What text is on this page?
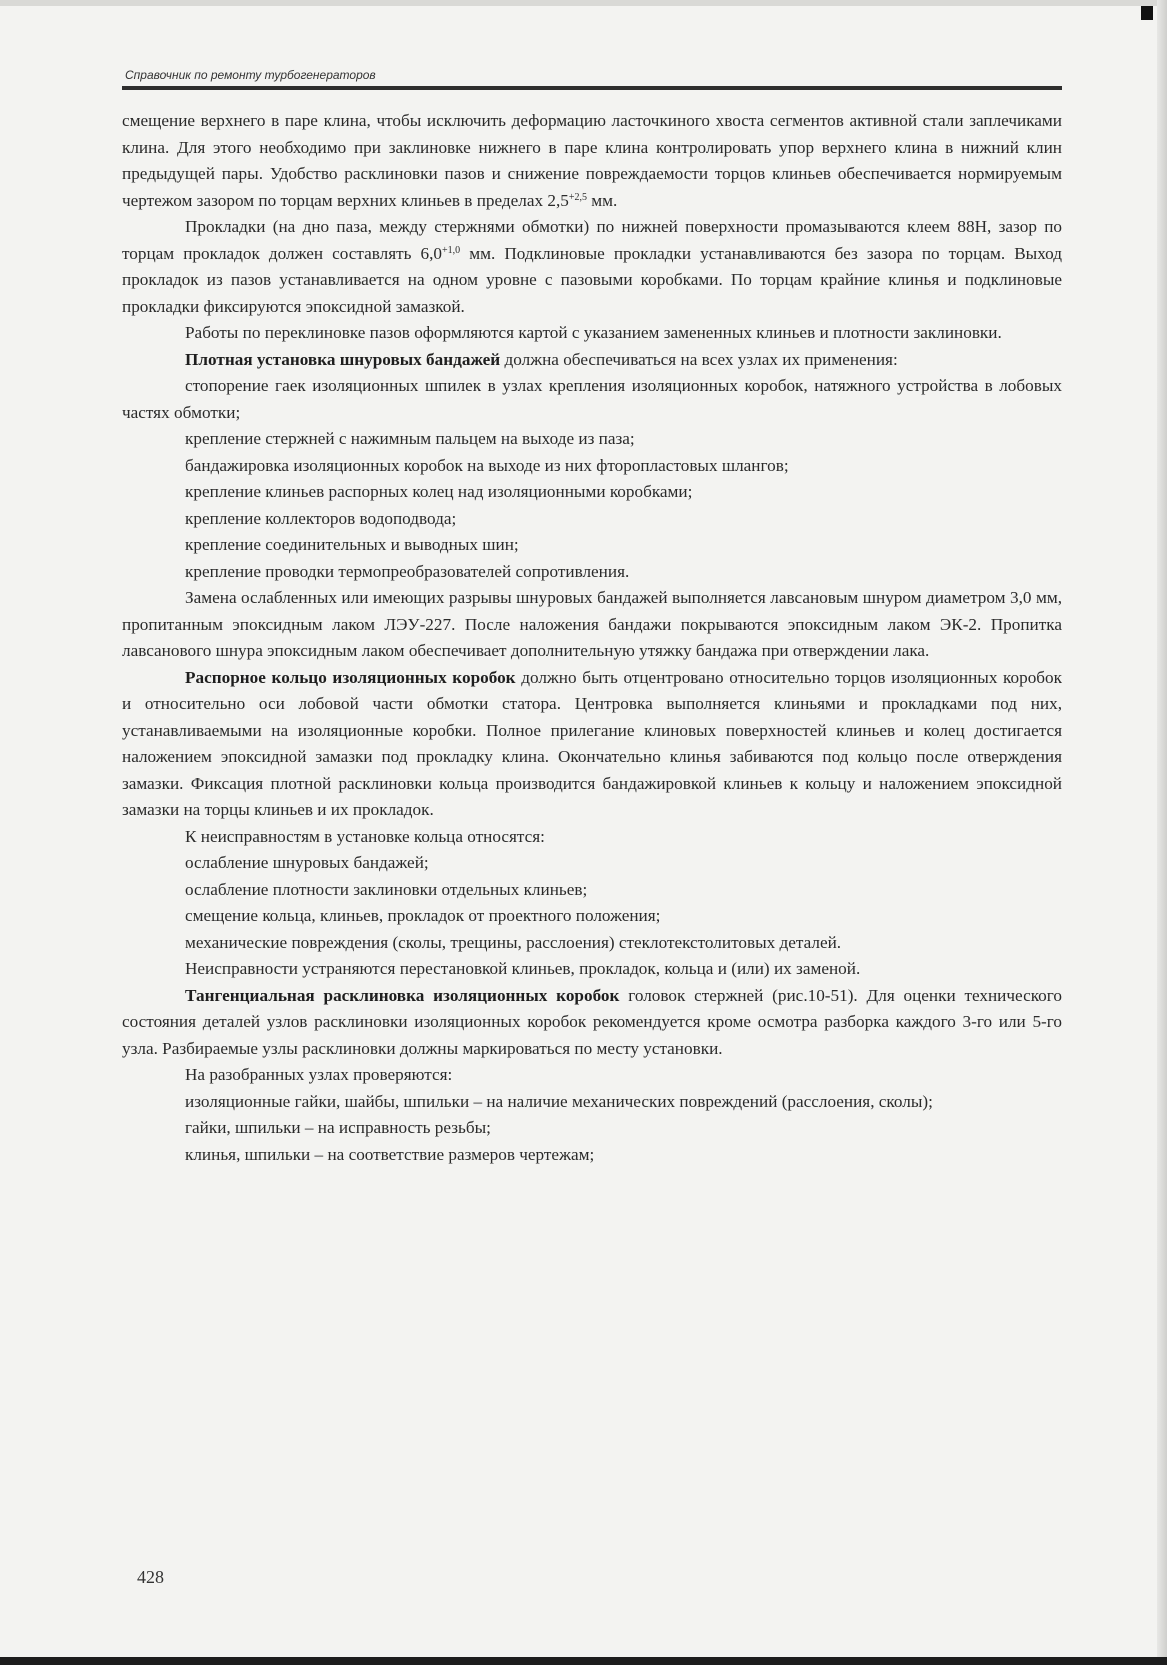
Справочник по ремонту турбогенераторов

смещение верхнего в паре клина, чтобы исключить деформацию ласточкиного хвоста сегментов активной стали заплечиками клина. Для этого необходимо при заклиновке нижнего в паре клина контролировать упор верхнего клина в нижний клин предыдущей пары. Удобство расклиновки пазов и снижение повреждаемости торцов клиньев обеспечивается нормируемым чертежом зазором по торцам верхних клиньев в пределах $2,5^{+2,5}$ мм.

Прокладки (на дно паза, между стержнями обмотки) по нижней поверхности промазываются клеем 88Н, зазор по торцам прокладок должен составлять $6,0^{+1,0}$ мм. Подклиновые прокладки устанавливаются без зазора по торцам. Выход прокладок из пазов устанавливается на одном уровне с пазовыми коробками. По торцам крайние клинья и подклиновые прокладки фиксируются эпоксидной замазкой.

Работы по переклиновке пазов оформляются картой с указанием замененных клиньев и плотности заклиновки.

Плотная установка шнуровых бандажей должна обеспечиваться на всех узлах их применения:

стопорение гаек изоляционных шпилек в узлах крепления изоляционных коробок, натяжного устройства в лобовых частях обмотки;

крепление стержней с нажимным пальцем на выходе из паза;

бандажировка изоляционных коробок на выходе из них фторопластовых шлангов;

крепление клиньев распорных колец над изоляционными коробками;

крепление коллекторов водоподвода;

крепление соединительных и выводных шин;

крепление проводки термопреобразователей сопротивления.

Замена ослабленных или имеющих разрывы шнуровых бандажей выполняется лавсановым шнуром диаметром 3,0 мм, пропитанным эпоксидным лаком ЛЭУ-227. После наложения бандажи покрываются эпоксидным лаком ЭК-2. Пропитка лавсанового шнура эпоксидным лаком обеспечивает дополнительную утяжку бандажа при отверждении лака.

Распорное кольцо изоляционных коробок должно быть отцентровано относительно торцов изоляционных коробок и относительно оси лобовой части обмотки статора. Центровка выполняется клиньями и прокладками под них, устанавливаемыми на изоляционные коробки. Полное прилегание клиновых поверхностей клиньев и колец достигается наложением эпоксидной замазки под прокладку клина. Окончательно клинья забиваются под кольцо после отверждения замазки. Фиксация плотной расклиновки кольца производится бандажировкой клиньев к кольцу и наложением эпоксидной замазки на торцы клиньев и их прокладок.

К неисправностям в установке кольца относятся:

ослабление шнуровых бандажей;

ослабление плотности заклиновки отдельных клиньев;

смещение кольца, клиньев, прокладок от проектного положения;

механические повреждения (сколы, трещины, расслоения) стеклотекстолитовых деталей.

Неисправности устраняются перестановкой клиньев, прокладок, кольца и (или) их заменой.

Тангенциальная расклиновка изоляционных коробок головок стержней (рис.10-51). Для оценки технического состояния деталей узлов расклиновки изоляционных коробок рекомендуется кроме осмотра разборка каждого 3-го или 5-го узла. Разбираемые узлы расклиновки должны маркироваться по месту установки.

На разобранных узлах проверяются:

изоляционные гайки, шайбы, шпильки – на наличие механических повреждений (расслоения, сколы);

гайки, шпильки – на исправность резьбы;

клинья, шпильки – на соответствие размеров чертежам;

428
